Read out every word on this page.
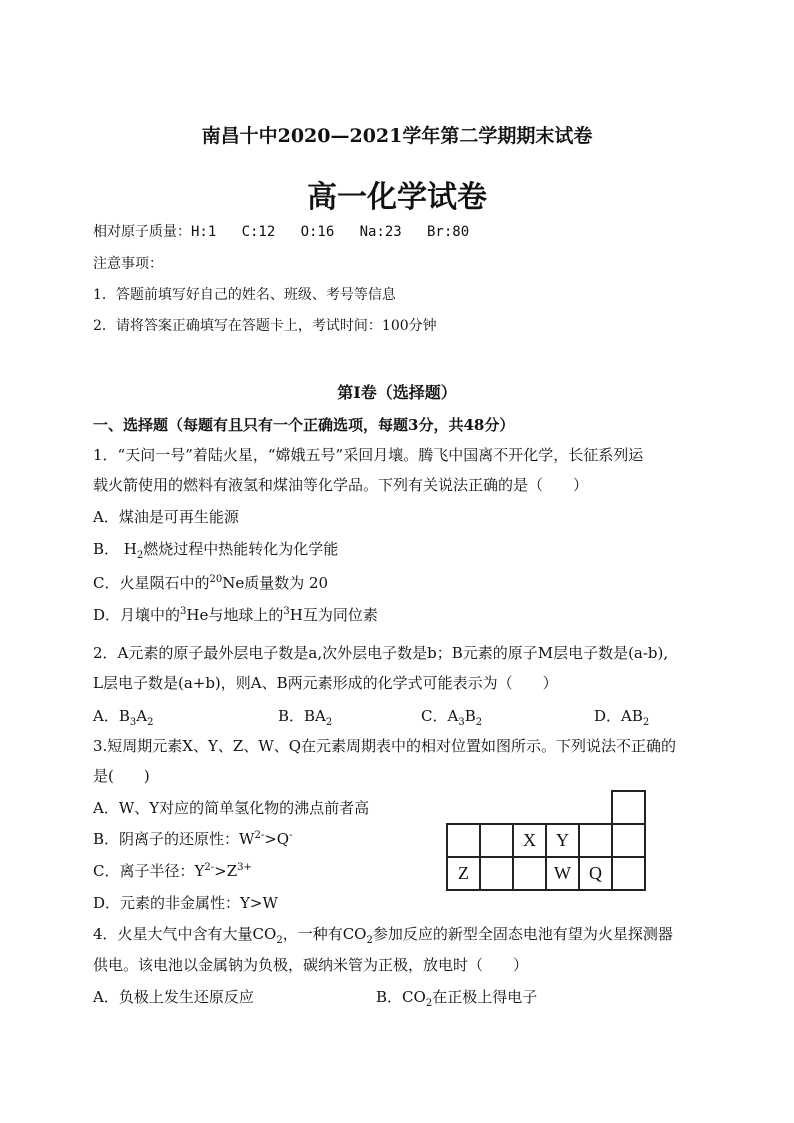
南昌十中2020—2021学年第二学期期末试卷
高一化学试卷
相对原子质量：H:1   C:12   O:16   Na:23   Br:80
注意事项：
1．答题前填写好自己的姓名、班级、考号等信息
2．请将答案正确填写在答题卡上，考试时间：100分钟
第Ⅰ卷（选择题）
一、选择题（每题有且只有一个正确选项，每题3分，共48分）
1．“天问一号”着陆火星，“嫦娥五号”采回月壤。腾飞中国离不开化学，长征系列运
载火箭使用的燃料有液氢和煤油等化学品。下列有关说法正确的是（　　）
A．煤油是可再生能源
B． $H_2$燃烧过程中热能转化为化学能
C．火星陨石中的$^{20}$Ne质量数为 20
D．月壤中的$^3$He与地球上的$^3$H互为同位素
2．A元素的原子最外层电子数是a,次外层电子数是b；B元素的原子M层电子数是(a-b),
L层电子数是(a+b)，则A、B两元素形成的化学式可能表示为（　　）
A．$B_3A_2$	B．$BA_2$	C．$A_3B_2$	D．$AB_2$
3.短周期元素X、Y、Z、W、Q在元素周期表中的相对位置如图所示。下列说法不正确的
是(　　)
A．W、Y对应的简单氢化物的沸点前者高
B．阴离子的还原性：$W^{2-}>Q^-$
C．离子半径：$Y^{2-}>Z^{3+}$
D．元素的非金属性：Y>W

		X	Y		
Z			W	Q	
4．火星大气中含有大量$CO_2$，一种有$CO_2$参加反应的新型全固态电池有望为火星探测器
供电。该电池以金属钠为负极，碳纳米管为正极，放电时（　　）
A．负极上发生还原反应	B．$CO_2$在正极上得电子
